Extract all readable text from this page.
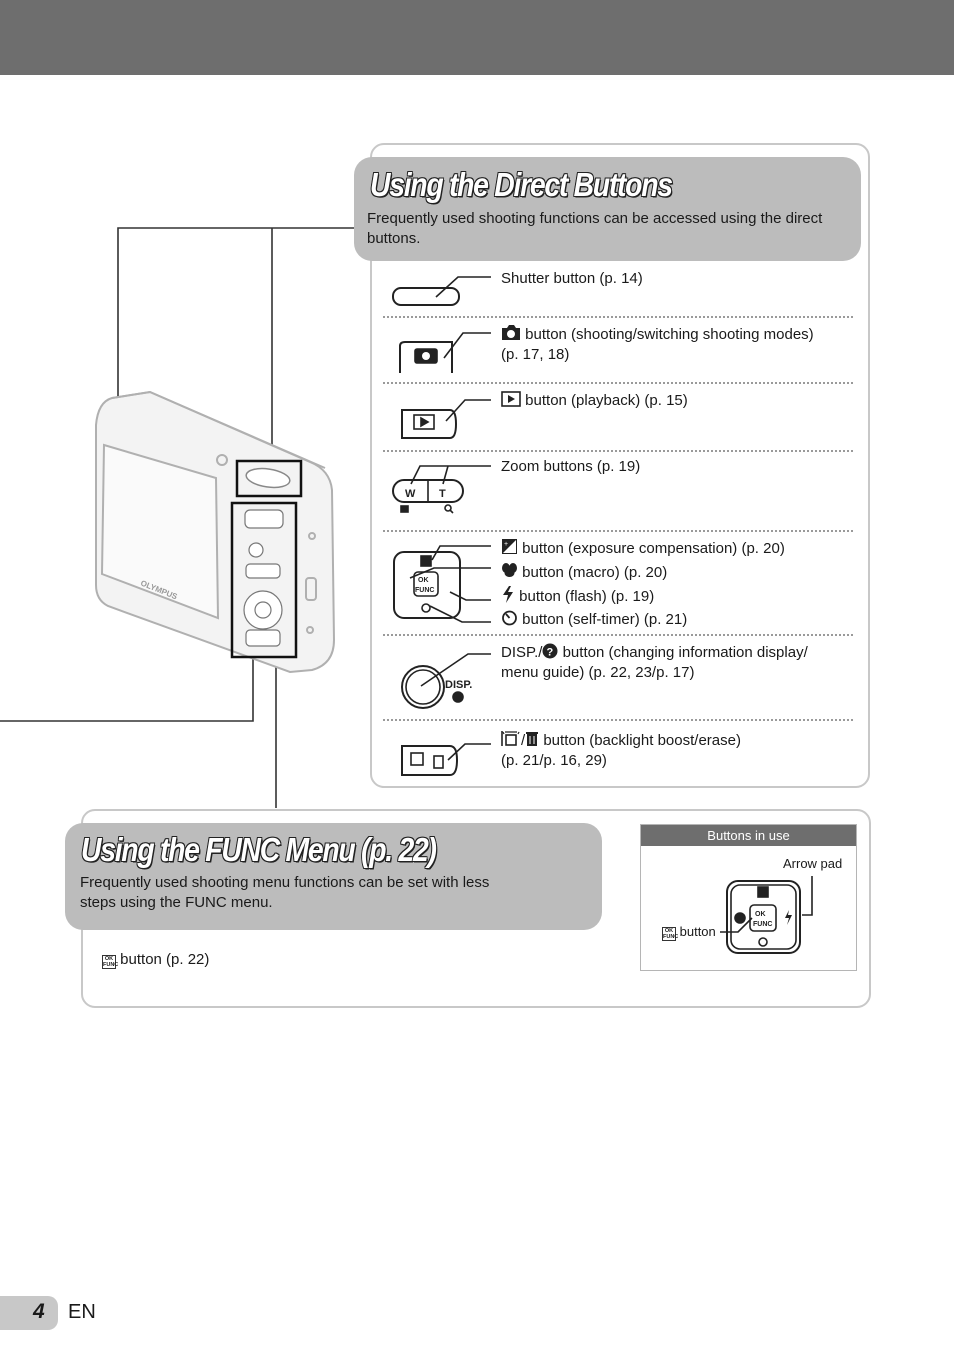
OLYMPUS
Using the Direct Buttons
Frequently used shooting functions can be accessed using the direct buttons.
W T
OK
FUNC
DISP.
Shutter button (p. 14)
button (shooting/switching shooting modes)
(p. 17, 18)
button (playback) (p. 15)
Zoom buttons (p. 19)
+ button (exposure compensation) (p. 20)
button (macro) (p. 20)
button (flash) (p. 19)
button (self-timer) (p. 21)
DISP./ ? button (changing information display/
menu guide) (p. 22, 23/p. 17)
/ button (backlight boost/erase)
(p. 21/p. 16, 29)
Using the FUNC Menu (p. 22)
Frequently used shooting menu functions can be set with less steps using the FUNC menu.
OK
FUNC button (p. 22)
Buttons in use
Arrow pad
OK
FUNC button
OK
FUNC
4 EN
